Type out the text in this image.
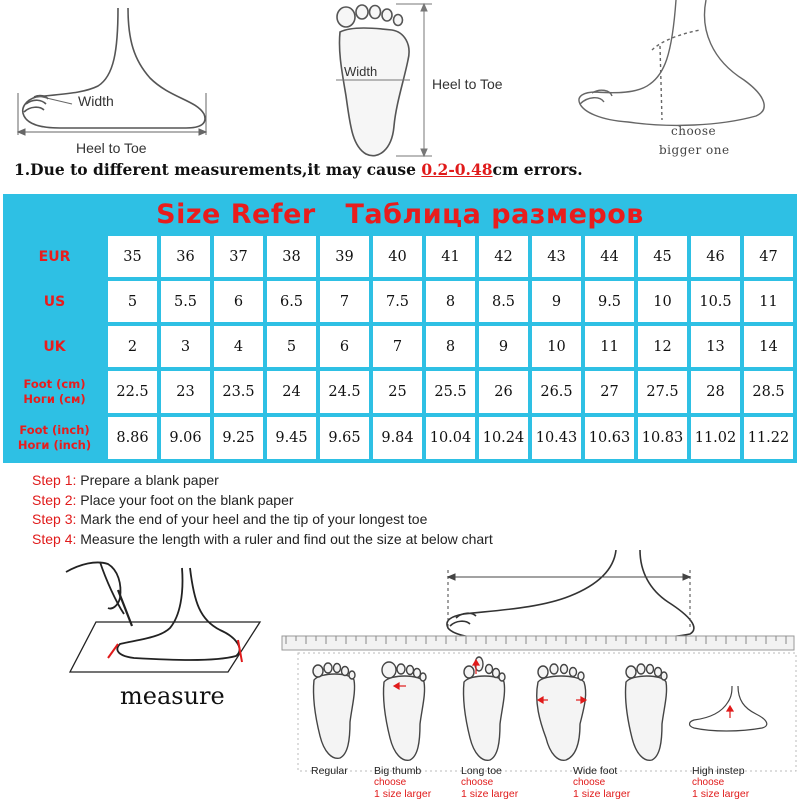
Width
Heel to Toe
Width
Heel to Toe
choose
bigger one
1.Due to different measurements,it may cause 0.2-0.48cm errors.
Size Refer   Таблица размеров
EUR	35	36	37	38	39	40	41	42	43	44	45	46	47
US	5	5.5	6	6.5	7	7.5	8	8.5	9	9.5	10	10.5	11
UK	2	3	4	5	6	7	8	9	10	11	12	13	14
Foot (cm)
Ноги (см)	22.5	23	23.5	24	24.5	25	25.5	26	26.5	27	27.5	28	28.5
Foot (inch)
Ноги (inch)	8.86	9.06	9.25	9.45	9.65	9.84	10.04 10.24 10.43 10.63 10.83 11.02 11.22
Step 1: Prepare a blank paper
Step 2: Place your foot on the blank paper
Step 3: Mark the end of your heel and the tip of your longest toe
Step 4: Measure the length with a ruler and find out the size at below chart
measure
Regular Big thumb
choose
1 size larger
Long toe
choose
1 size larger
Wide foot
choose
1 size larger
High instep
choose
1 size larger
